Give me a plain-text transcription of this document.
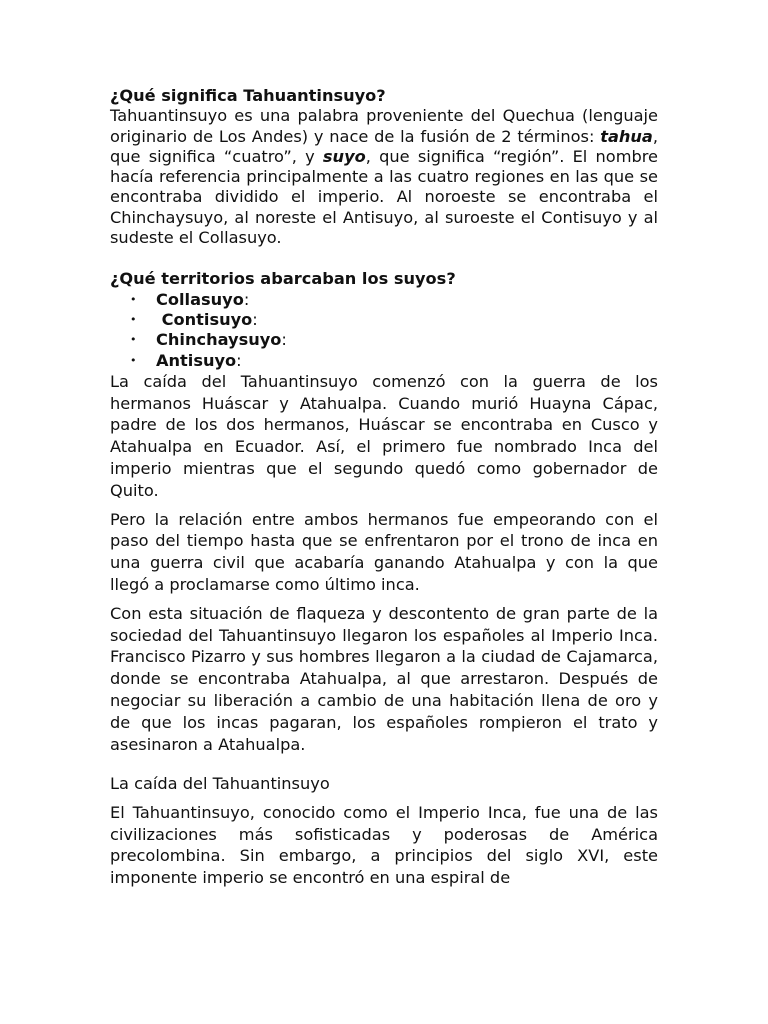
¿Qué significa Tahuantinsuyo?

Tahuantinsuyo es una palabra proveniente del Quechua (lenguaje originario de Los Andes) y nace de la fusión de 2 términos: tahua, que significa “cuatro”, y suyo, que significa “región”. El nombre hacía referencia principalmente a las cuatro regiones en las que se encontraba dividido el imperio. Al noroeste se encontraba el Chinchaysuyo, al noreste el Antisuyo, al suroeste el Contisuyo y al sudeste el Collasuyo.

¿Qué territorios abarcaban los suyos?
• Collasuyo:
• Contisuyo:
• Chinchaysuyo:
• Antisuyo:

La caída del Tahuantinsuyo comenzó con la guerra de los hermanos Huáscar y Atahualpa. Cuando murió Huayna Cápac, padre de los dos hermanos, Huáscar se encontraba en Cusco y Atahualpa en Ecuador. Así, el primero fue nombrado Inca del imperio mientras que el segundo quedó como gobernador de Quito.

Pero la relación entre ambos hermanos fue empeorando con el paso del tiempo hasta que se enfrentaron por el trono de inca en una guerra civil que acabaría ganando Atahualpa y con la que llegó a proclamarse como último inca.

Con esta situación de flaqueza y descontento de gran parte de la sociedad del Tahuantinsuyo llegaron los españoles al Imperio Inca. Francisco Pizarro y sus hombres llegaron a la ciudad de Cajamarca, donde se encontraba Atahualpa, al que arrestaron. Después de negociar su liberación a cambio de una habitación llena de oro y de que los incas pagaran, los españoles rompieron el trato y asesinaron a Atahualpa.

La caída del Tahuantinsuyo

El Tahuantinsuyo, conocido como el Imperio Inca, fue una de las civilizaciones más sofisticadas y poderosas de América precolombina. Sin embargo, a principios del siglo XVI, este imponente imperio se encontró en una espiral de
